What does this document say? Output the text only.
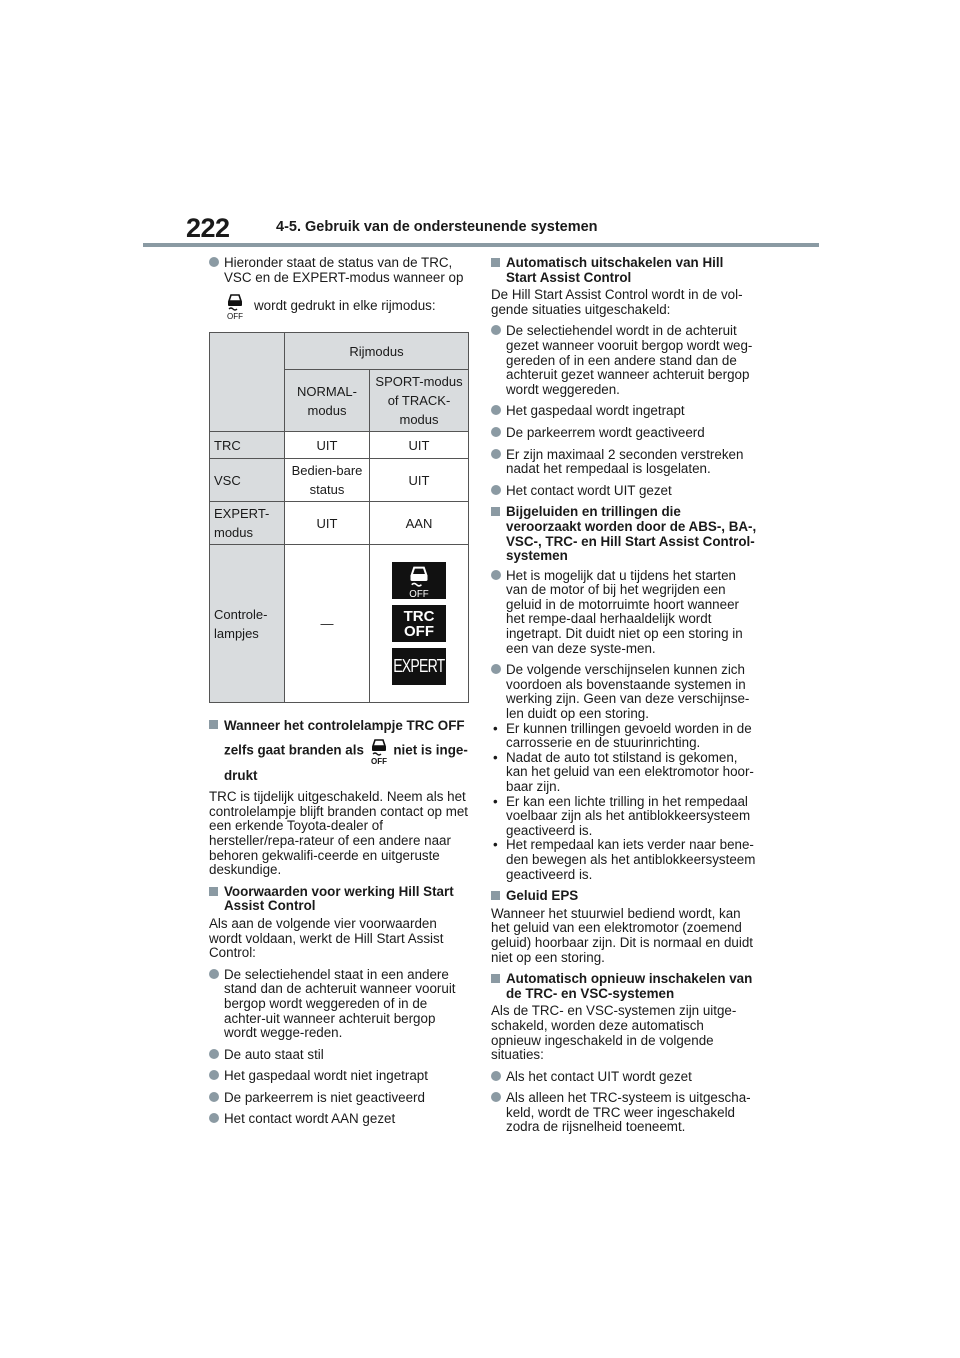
222	4-5. Gebruik van de ondersteunende systemen
Hieronder staat de status van de TRC, VSC en de EXPERT-modus wanneer op
OFF
wordt gedrukt in elke rijmodus:
	Rijmodus	
	NORMAL-modus	SPORT-modus of TRACK-modus
TRC	UIT	UIT
VSC	Bedien-bare status	UIT
EXPERT-modus	UIT	AAN
Controle-lampjes	—	OFF
TRC OFF
EXPERT
Wanneer het controlelampje TRC OFF zelfs gaat branden als
OFF
niet is inge-drukt
TRC is tijdelijk uitgeschakeld. Neem als het controlelampje blijft branden contact op met een erkende Toyota-dealer of hersteller/repa-rateur of een andere naar behoren gekwalifi-ceerde en uitgeruste deskundige.
Voorwaarden voor werking Hill Start Assist Control
Als aan de volgende vier voorwaarden wordt voldaan, werkt de Hill Start Assist Control:
De selectiehendel staat in een andere stand dan de achteruit wanneer vooruit bergop wordt weggereden of in de achter-uit wanneer achteruit bergop wordt wegge-reden.
De auto staat stil
Het gaspedaal wordt niet ingetrapt
De parkeerrem is niet geactiveerd
Het contact wordt AAN gezet
Automatisch uitschakelen van Hill Start Assist Control
De Hill Start Assist Control wordt in de vol-gende situaties uitgeschakeld:
De selectiehendel wordt in de achteruit gezet wanneer vooruit bergop wordt weg-gereden of in een andere stand dan de achteruit gezet wanneer achteruit bergop wordt weggereden.
Het gaspedaal wordt ingetrapt
De parkeerrem wordt geactiveerd
Er zijn maximaal 2 seconden verstreken nadat het rempedaal is losgelaten.
Het contact wordt UIT gezet
Bijgeluiden en trillingen die veroorzaakt worden door de ABS-, BA-, VSC-, TRC- en Hill Start Assist Control-systemen
Het is mogelijk dat u tijdens het starten van de motor of bij het wegrijden een geluid in de motorruimte hoort wanneer het rempe-daal herhaaldelijk wordt ingetrapt. Dit duidt niet op een storing in een van deze syste-men.
De volgende verschijnselen kunnen zich voordoen als bovenstaande systemen in werking zijn. Geen van deze verschijnse-len duidt op een storing.
• Er kunnen trillingen gevoeld worden in de carrosserie en de stuurinrichting.
• Nadat de auto tot stilstand is gekomen, kan het geluid van een elektromotor hoor-baar zijn.
• Er kan een lichte trilling in het rempedaal voelbaar zijn als het antiblokkeersysteem geactiveerd is.
• Het rempedaal kan iets verder naar bene-den bewegen als het antiblokkeersysteem geactiveerd is.
Geluid EPS
Wanneer het stuurwiel bediend wordt, kan het geluid van een elektromotor (zoemend geluid) hoorbaar zijn. Dit is normaal en duidt niet op een storing.
Automatisch opnieuw inschakelen van de TRC- en VSC-systemen
Als de TRC- en VSC-systemen zijn uitge-schakeld, worden deze automatisch opnieuw ingeschakeld in de volgende situaties:
Als het contact UIT wordt gezet
Als alleen het TRC-systeem is uitgescha-keld, wordt de TRC weer ingeschakeld zodra de rijsnelheid toeneemt.
